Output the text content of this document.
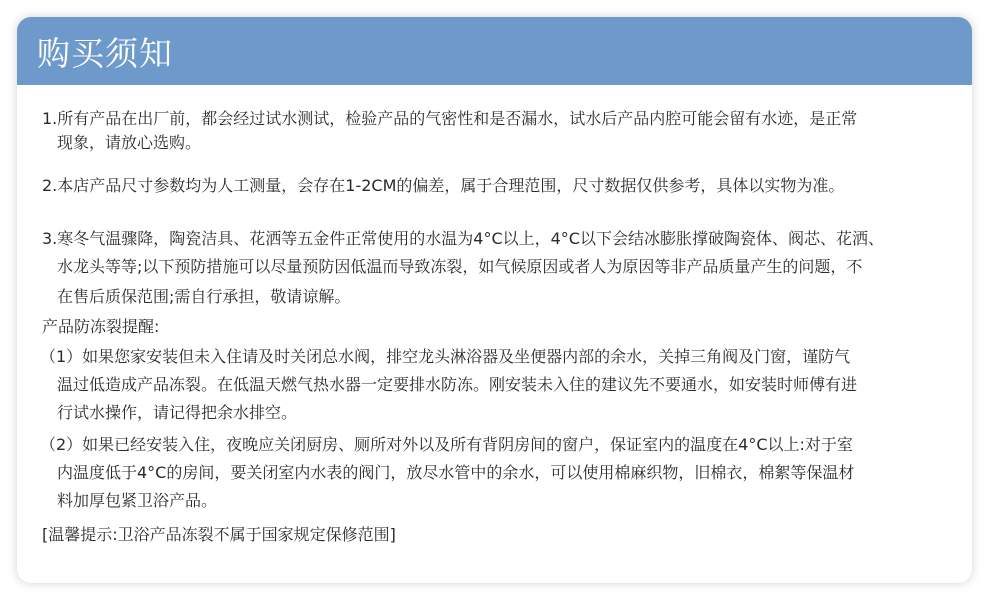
购买须知
1.所有产品在出厂前，都会经过试水测试，检验产品的气密性和是否漏水，试水后产品内腔可能会留有水迹，是正常
现象，请放心选购。
2.本店产品尺寸参数均为人工测量，会存在1-2CM的偏差，属于合理范围，尺寸数据仅供参考，具体以实物为准。
3.寒冬气温骤降，陶瓷洁具、花洒等五金件正常使用的水温为4°C以上，4°C以下会结冰膨胀撑破陶瓷体、阀芯、花洒、
水龙头等等;以下预防措施可以尽量预防因低温而导致冻裂，如气候原因或者人为原因等非产品质量产生的问题，不
在售后质保范围;需自行承担，敬请谅解。
产品防冻裂提醒:
（1）如果您家安装但未入住请及时关闭总水阀，排空龙头淋浴器及坐便器内部的余水，关掉三角阀及门窗，谨防气
温过低造成产品冻裂。在低温天燃气热水器一定要排水防冻。刚安装未入住的建议先不要通水，如安装时师傅有进
行试水操作，请记得把余水排空。
（2）如果已经安装入住，夜晚应关闭厨房、厕所对外以及所有背阴房间的窗户，保证室内的温度在4°C以上:对于室
内温度低于4°C的房间，要关闭室内水表的阀门，放尽水管中的余水，可以使用棉麻织物，旧棉衣，棉絮等保温材
料加厚包紧卫浴产品。
[温馨提示:卫浴产品冻裂不属于国家规定保修范围]
